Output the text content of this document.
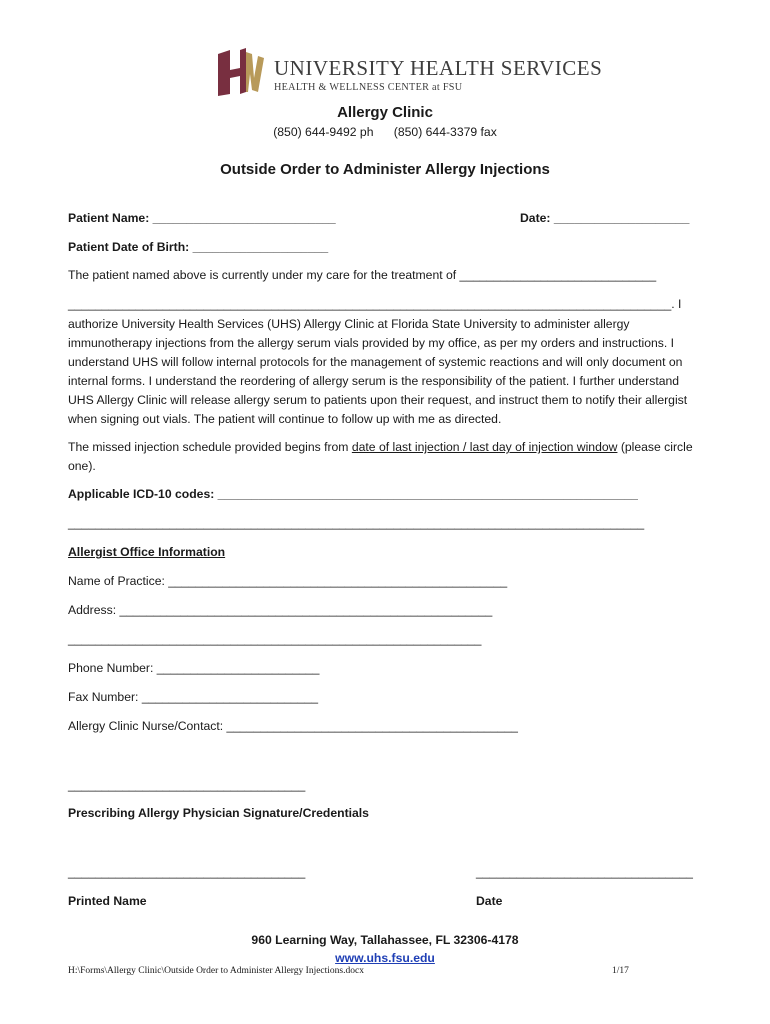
UNIVERSITY HEALTH SERVICES
HEALTH & WELLNESS CENTER at FSU
Allergy Clinic
(850) 644-9492 ph      (850) 644-3379 fax
Outside Order to Administer Allergy Injections
Patient Name: ___________________________	Date: ____________________
Patient Date of Birth: ____________________
The patient named above is currently under my care for the treatment of _____________________________
_________________________________________________________________________________________. I
authorize University Health Services (UHS) Allergy Clinic at Florida State University to administer allergy immunotherapy injections from the allergy serum vials provided by my office, as per my orders and instructions. I understand UHS will follow internal protocols for the management of systemic reactions and will only document on internal forms. I understand the reordering of allergy serum is the responsibility of the patient. I further understand UHS Allergy Clinic will release allergy serum to patients upon their request, and instruct them to notify their allergist when signing out vials. The patient will continue to follow up with me as directed.
The missed injection schedule provided begins from date of last injection / last day of injection window (please circle one).
Applicable ICD-10 codes: ______________________________________________________________
_____________________________________________________________________________________
Allergist Office Information
Name of Practice: __________________________________________________
Address: _______________________________________________________
_____________________________________________________________
Phone Number: ________________________
Fax Number: __________________________
Allergy Clinic Nurse/Contact: ___________________________________________
___________________________________
Prescribing Allergy Physician Signature/Credentials
___________________________________	________________________________
Printed Name	Date
960 Learning Way, Tallahassee, FL 32306-4178
www.uhs.fsu.edu
H:\Forms\Allergy Clinic\Outside Order to Administer Allergy Injections.docx	1/17
